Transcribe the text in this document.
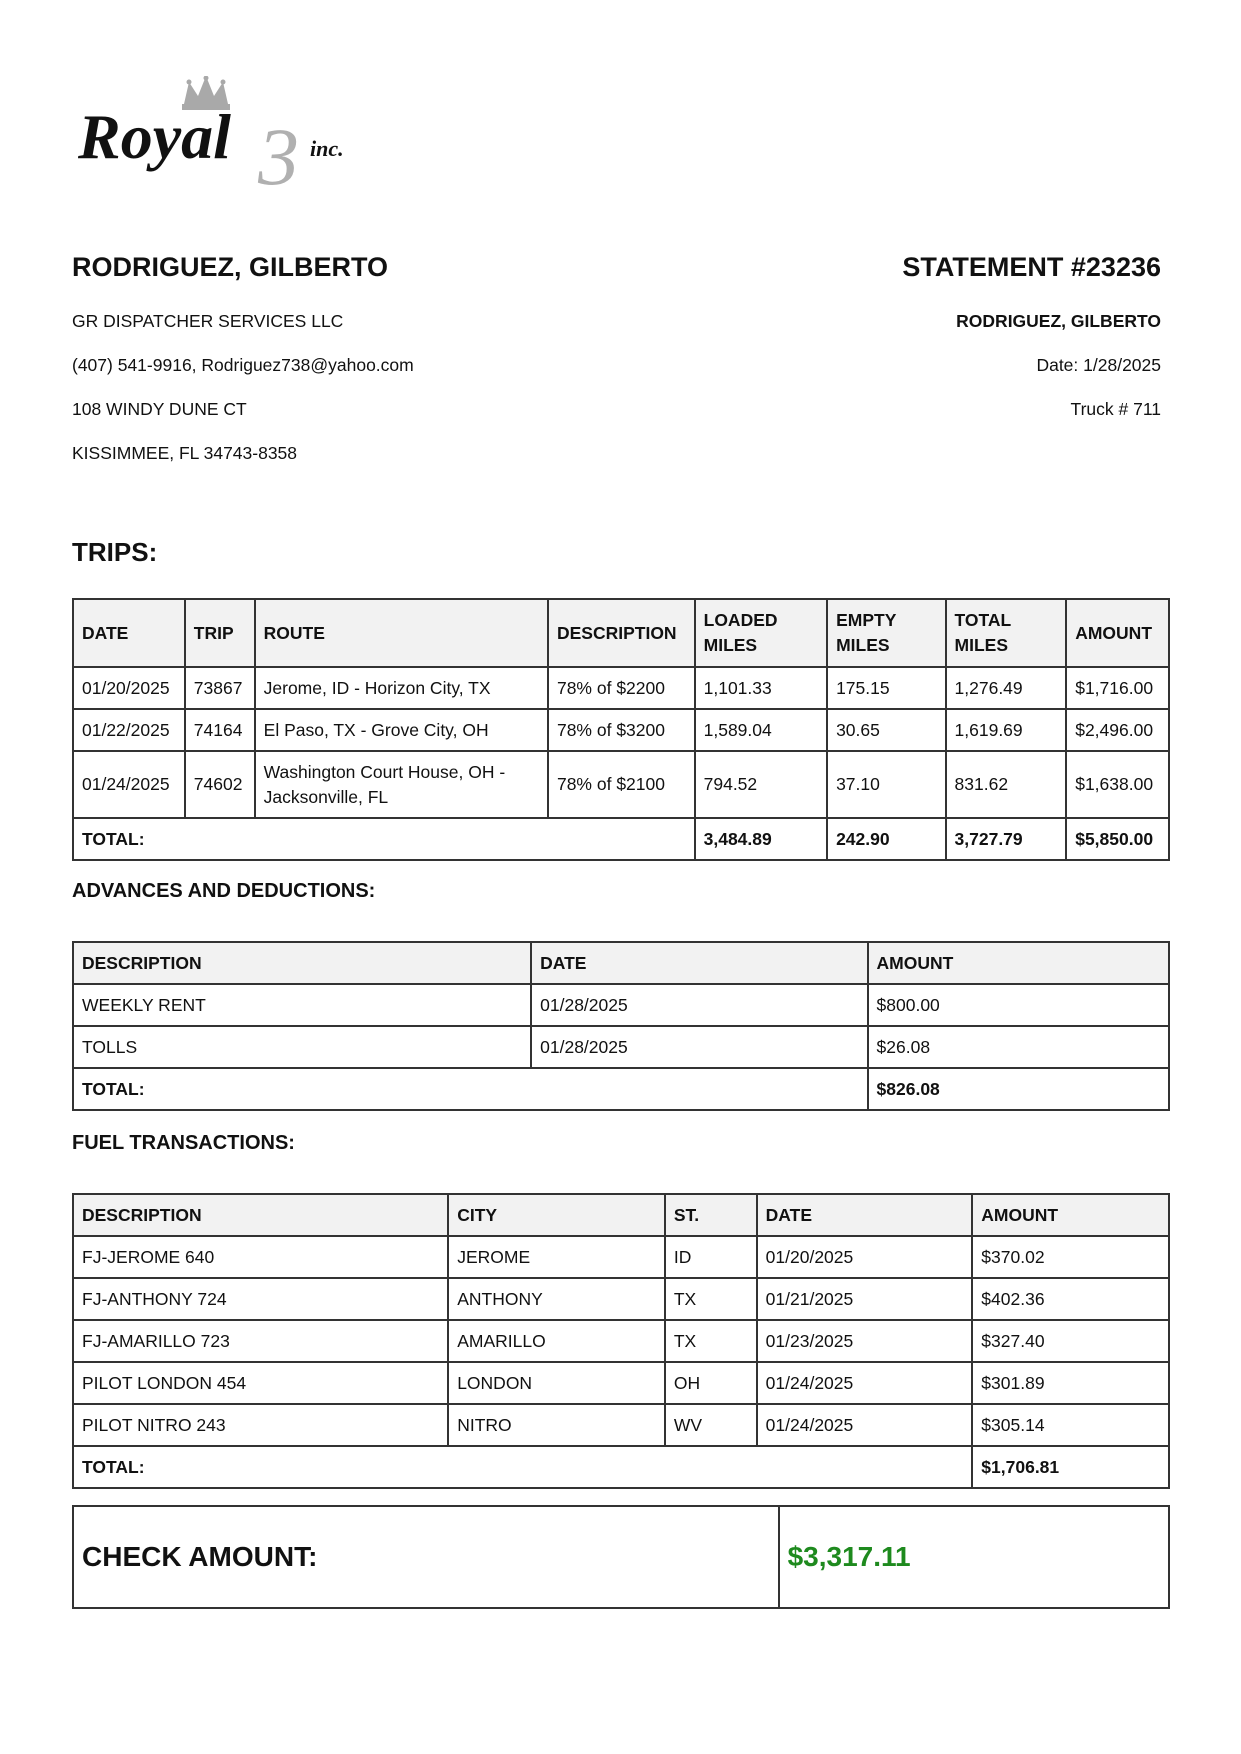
3
Royal	inc.
RODRIGUEZ, GILBERTO
GR DISPATCHER SERVICES LLC
(407) 541-9916, Rodriguez738@yahoo.com
108 WINDY DUNE CT
KISSIMMEE, FL 34743-8358
STATEMENT #23236
RODRIGUEZ, GILBERTO
Date: 1/28/2025
Truck # 711
TRIPS:
DATE	TRIP	ROUTE	DESCRIPTION	LOADED MILES	EMPTY MILES	TOTAL MILES	AMOUNT
01/20/2025	73867	Jerome, ID - Horizon City, TX	78% of $2200	1,101.33	175.15	1,276.49	$1,716.00
01/22/2025	74164	El Paso, TX - Grove City, OH	78% of $3200	1,589.04	30.65	1,619.69	$2,496.00
01/24/2025	74602	Washington Court House, OH - Jacksonville, FL	78% of $2100	794.52	37.10	831.62	$1,638.00
TOTAL:				3,484.89	242.90	3,727.79	$5,850.00
ADVANCES AND DEDUCTIONS:
DESCRIPTION	DATE	AMOUNT
WEEKLY RENT	01/28/2025	$800.00
TOLLS	01/28/2025	$26.08
TOTAL:		$826.08
FUEL TRANSACTIONS:
DESCRIPTION	CITY	ST.	DATE	AMOUNT
FJ-JEROME 640	JEROME	ID	01/20/2025	$370.02
FJ-ANTHONY 724	ANTHONY	TX	01/21/2025	$402.36
FJ-AMARILLO 723	AMARILLO	TX	01/23/2025	$327.40
PILOT LONDON 454	LONDON	OH	01/24/2025	$301.89
PILOT NITRO 243	NITRO	WV	01/24/2025	$305.14
TOTAL:				$1,706.81
CHECK AMOUNT:	$3,317.11
